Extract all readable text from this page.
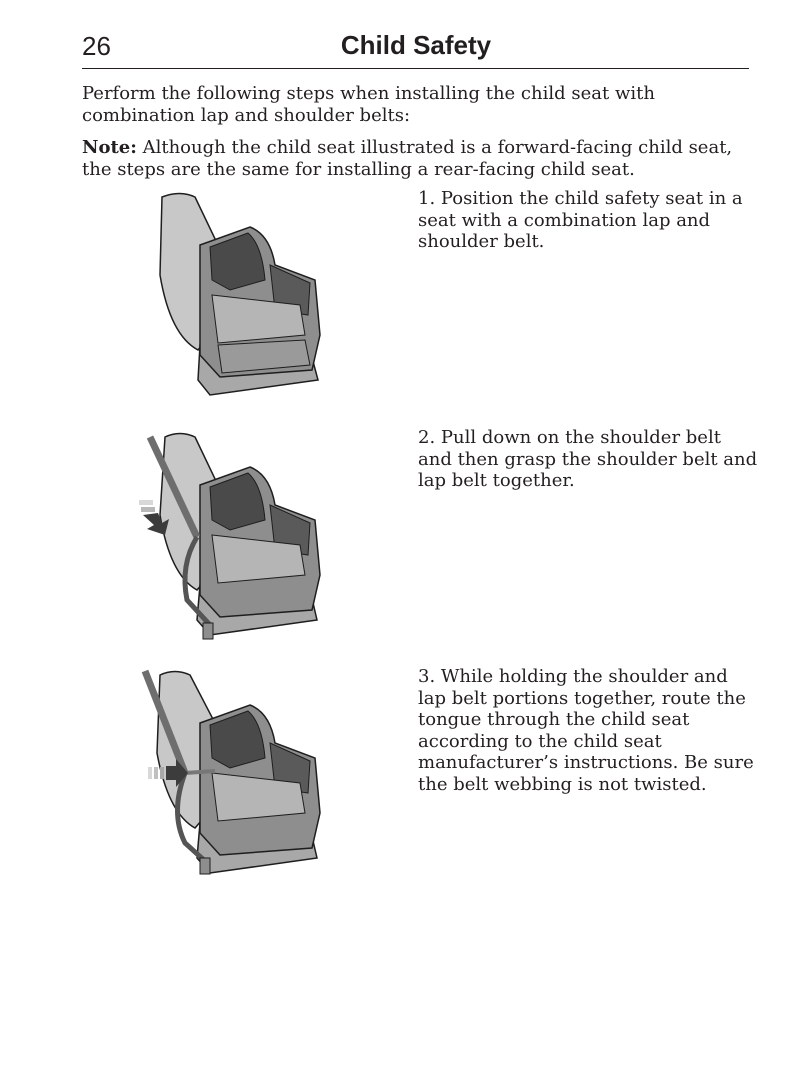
26	Child Safety
Perform the following steps when installing the child seat with combination lap and shoulder belts:
Note: Although the child seat illustrated is a forward-facing child seat, the steps are the same for installing a rear-facing child seat.
1. Position the child safety seat in a seat with a combination lap and shoulder belt.
2. Pull down on the shoulder belt and then grasp the shoulder belt and lap belt together.
3. While holding the shoulder and lap belt portions together, route the tongue through the child seat according to the child seat manufacturer’s instructions. Be sure the belt webbing is not twisted.
